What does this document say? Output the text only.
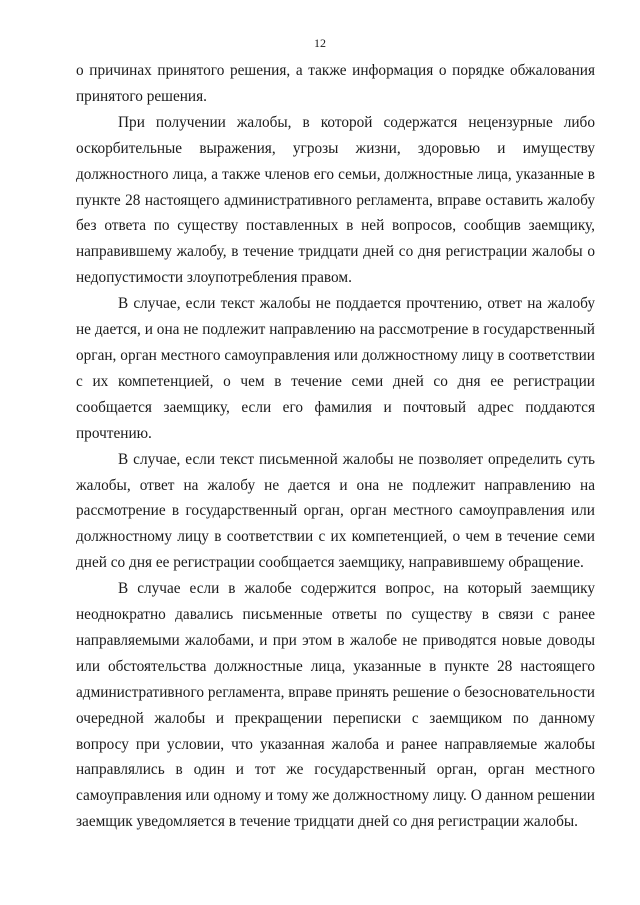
12

о причинах принятого решения, а также информация о порядке обжалования принятого решения.

При получении жалобы, в которой содержатся нецензурные либо оскорбительные выражения, угрозы жизни, здоровью и имуществу должностного лица, а также членов его семьи, должностные лица, указанные в пункте 28 настоящего административного регламента, вправе оставить жалобу без ответа по существу поставленных в ней вопросов, сообщив заемщику, направившему жалобу, в течение тридцати дней со дня регистрации жалобы о недопустимости злоупотребления правом.

В случае, если текст жалобы не поддается прочтению, ответ на жалобу не дается, и она не подлежит направлению на рассмотрение в государственный орган, орган местного самоуправления или должностному лицу в соответствии с их компетенцией, о чем в течение семи дней со дня ее регистрации сообщается заемщику, если его фамилия и почтовый адрес поддаются прочтению.

В случае, если текст письменной жалобы не позволяет определить суть жалобы, ответ на жалобу не дается и она не подлежит направлению на рассмотрение в государственный орган, орган местного самоуправления или должностному лицу в соответствии с их компетенцией, о чем в течение семи дней со дня ее регистрации сообщается заемщику, направившему обращение.

В случае если в жалобе содержится вопрос, на который заемщику неоднократно давались письменные ответы по существу в связи с ранее направляемыми жалобами, и при этом в жалобе не приводятся новые доводы или обстоятельства должностные лица, указанные в пункте 28 настоящего административного регламента, вправе принять решение о безосновательности очередной жалобы и прекращении переписки с заемщиком по данному вопросу при условии, что указанная жалоба и ранее направляемые жалобы направлялись в один и тот же государственный орган, орган местного самоуправления или одному и тому же должностному лицу. О данном решении заемщик уведомляется в течение тридцати дней со дня регистрации жалобы.
